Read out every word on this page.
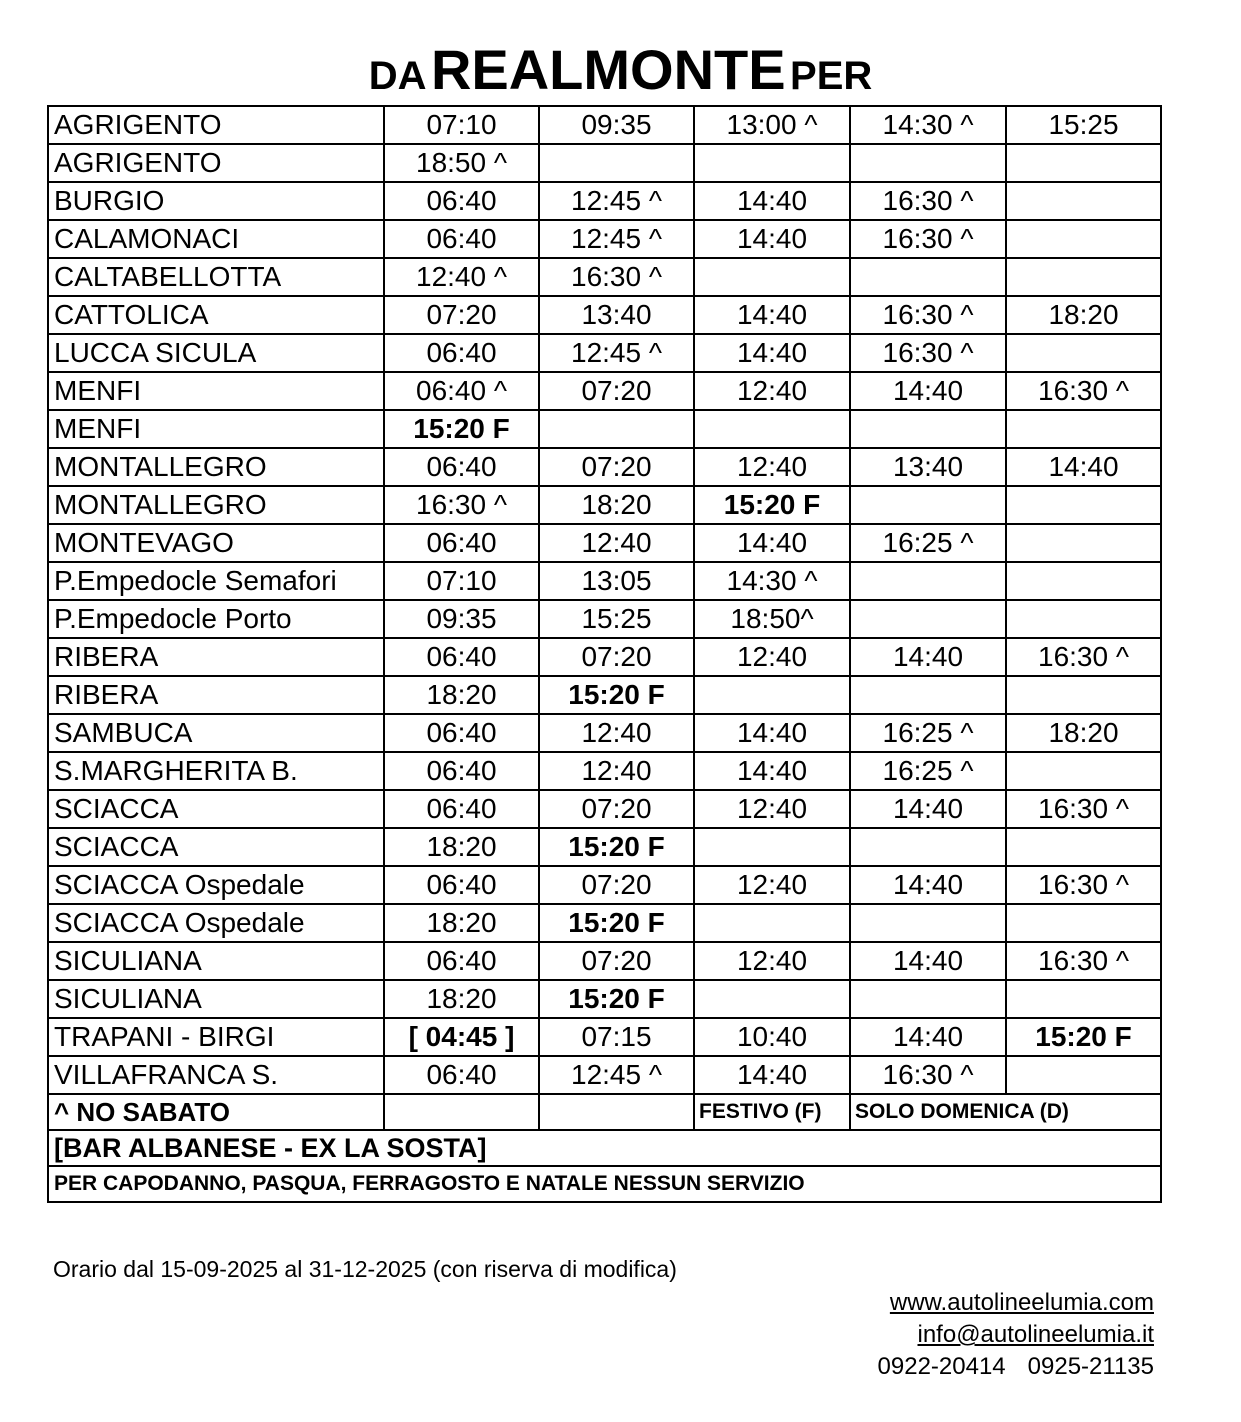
DA REALMONTE PER
AGRIGENTO	07:10	09:35	13:00 ^	14:30 ^	15:25
AGRIGENTO	18:50 ^				
BURGIO	06:40	12:45 ^	14:40	16:30 ^	
CALAMONACI	06:40	12:45 ^	14:40	16:30 ^	
CALTABELLOTTA	12:40 ^	16:30 ^			
CATTOLICA	07:20	13:40	14:40	16:30 ^	18:20
LUCCA SICULA	06:40	12:45 ^	14:40	16:30 ^	
MENFI	06:40 ^	07:20	12:40	14:40	16:30 ^
MENFI	15:20 F				
MONTALLEGRO	06:40	07:20	12:40	13:40	14:40
MONTALLEGRO	16:30 ^	18:20	15:20 F		
MONTEVAGO	06:40	12:40	14:40	16:25 ^	
P.Empedocle Semafori	07:10	13:05	14:30 ^		
P.Empedocle Porto	09:35	15:25	18:50^		
RIBERA	06:40	07:20	12:40	14:40	16:30 ^
RIBERA	18:20	15:20 F			
SAMBUCA	06:40	12:40	14:40	16:25 ^	18:20
S.MARGHERITA B.	06:40	12:40	14:40	16:25 ^	
SCIACCA	06:40	07:20	12:40	14:40	16:30 ^
SCIACCA	18:20	15:20 F			
SCIACCA Ospedale	06:40	07:20	12:40	14:40	16:30 ^
SCIACCA Ospedale	18:20	15:20 F			
SICULIANA	06:40	07:20	12:40	14:40	16:30 ^
SICULIANA	18:20	15:20 F			
TRAPANI - BIRGI	[ 04:45 ]	07:15	10:40	14:40	15:20 F
VILLAFRANCA S.	06:40	12:45 ^	14:40	16:30 ^	
^ NO SABATO			FESTIVO (F)	SOLO DOMENICA (D)	
[BAR ALBANESE - EX LA SOSTA]					
PER CAPODANNO, PASQUA, FERRAGOSTO E NATALE NESSUN SERVIZIO					
Orario dal 15-09-2025 al 31-12-2025 (con riserva di modifica)
www.autolineelumia.com
info@autolineelumia.it
0922-20414 0925-21135
